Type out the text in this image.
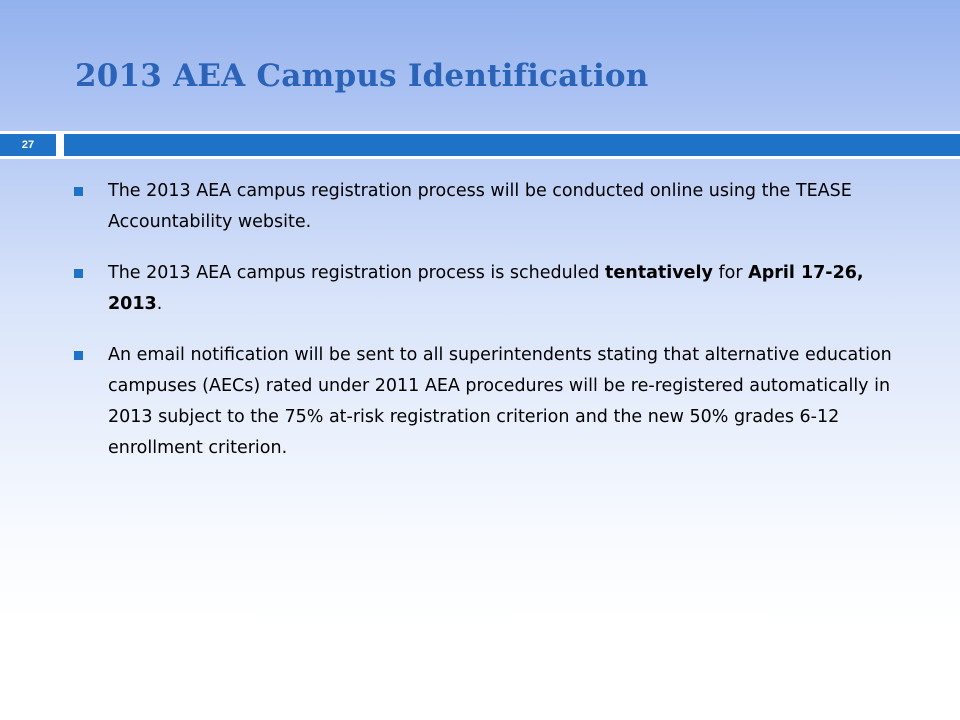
2013 AEA Campus Identification
27
The 2013 AEA campus registration process will be conducted online using the TEASE Accountability website.
The 2013 AEA campus registration process is scheduled tentatively for April 17-26, 2013.
An email notification will be sent to all superintendents stating that alternative education campuses (AECs) rated under 2011 AEA procedures will be re-registered automatically in 2013 subject to the 75% at-risk registration criterion and the new 50% grades 6-12 enrollment criterion.
